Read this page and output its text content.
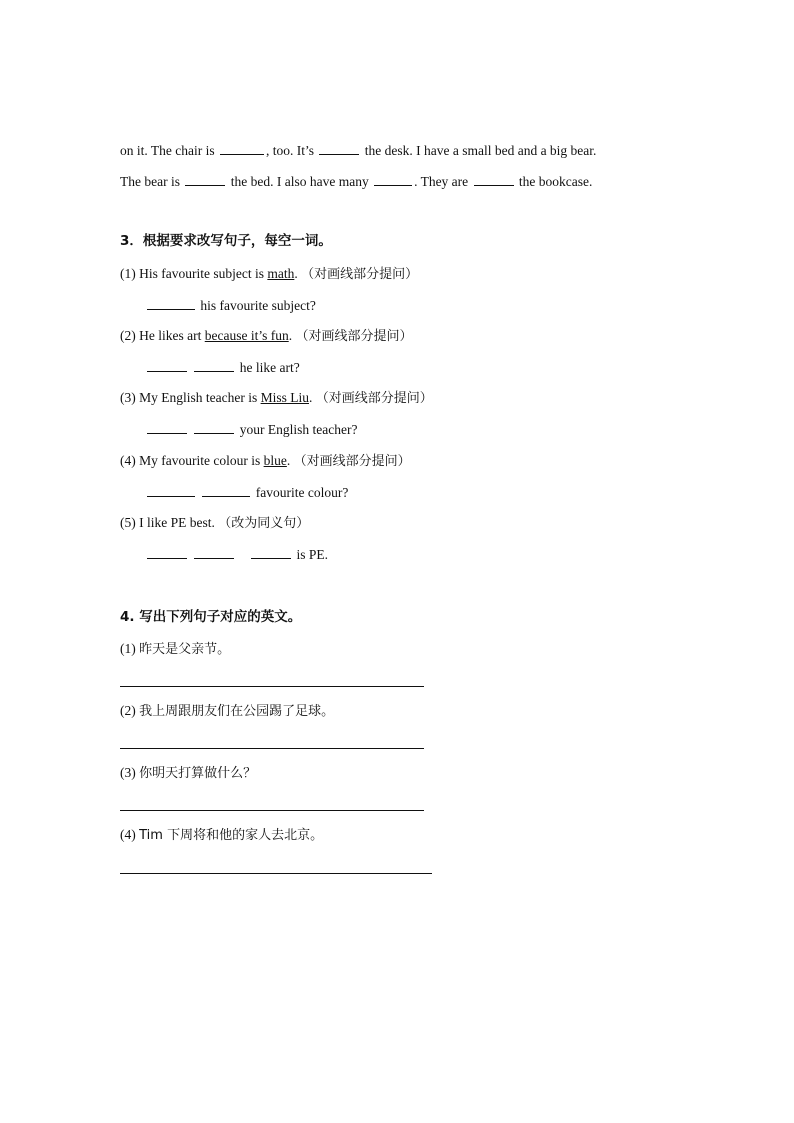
on it. The chair is	, too. It’s	the desk. I have a small bed and a big bear.
The bear is	the bed. I also have many	. They are	the bookcase.
3．根据要求改写句子，每空一词。
(1) His favourite subject is math. （对画线部分提问）
his favourite subject?
(2) He likes art because it’s fun. （对画线部分提问）
he like art?
(3) My English teacher is Miss Liu. （对画线部分提问）
your English teacher?
(4) My favourite colour is blue. （对画线部分提问）
favourite colour?
(5) I like PE best. （改为同义句）
is PE.
4. 写出下列句子对应的英文。
(1) 昨天是父亲节。
(2) 我上周跟朋友们在公园踢了足球。
(3) 你明天打算做什么？
(4) Tim 下周将和他的家人去北京。
